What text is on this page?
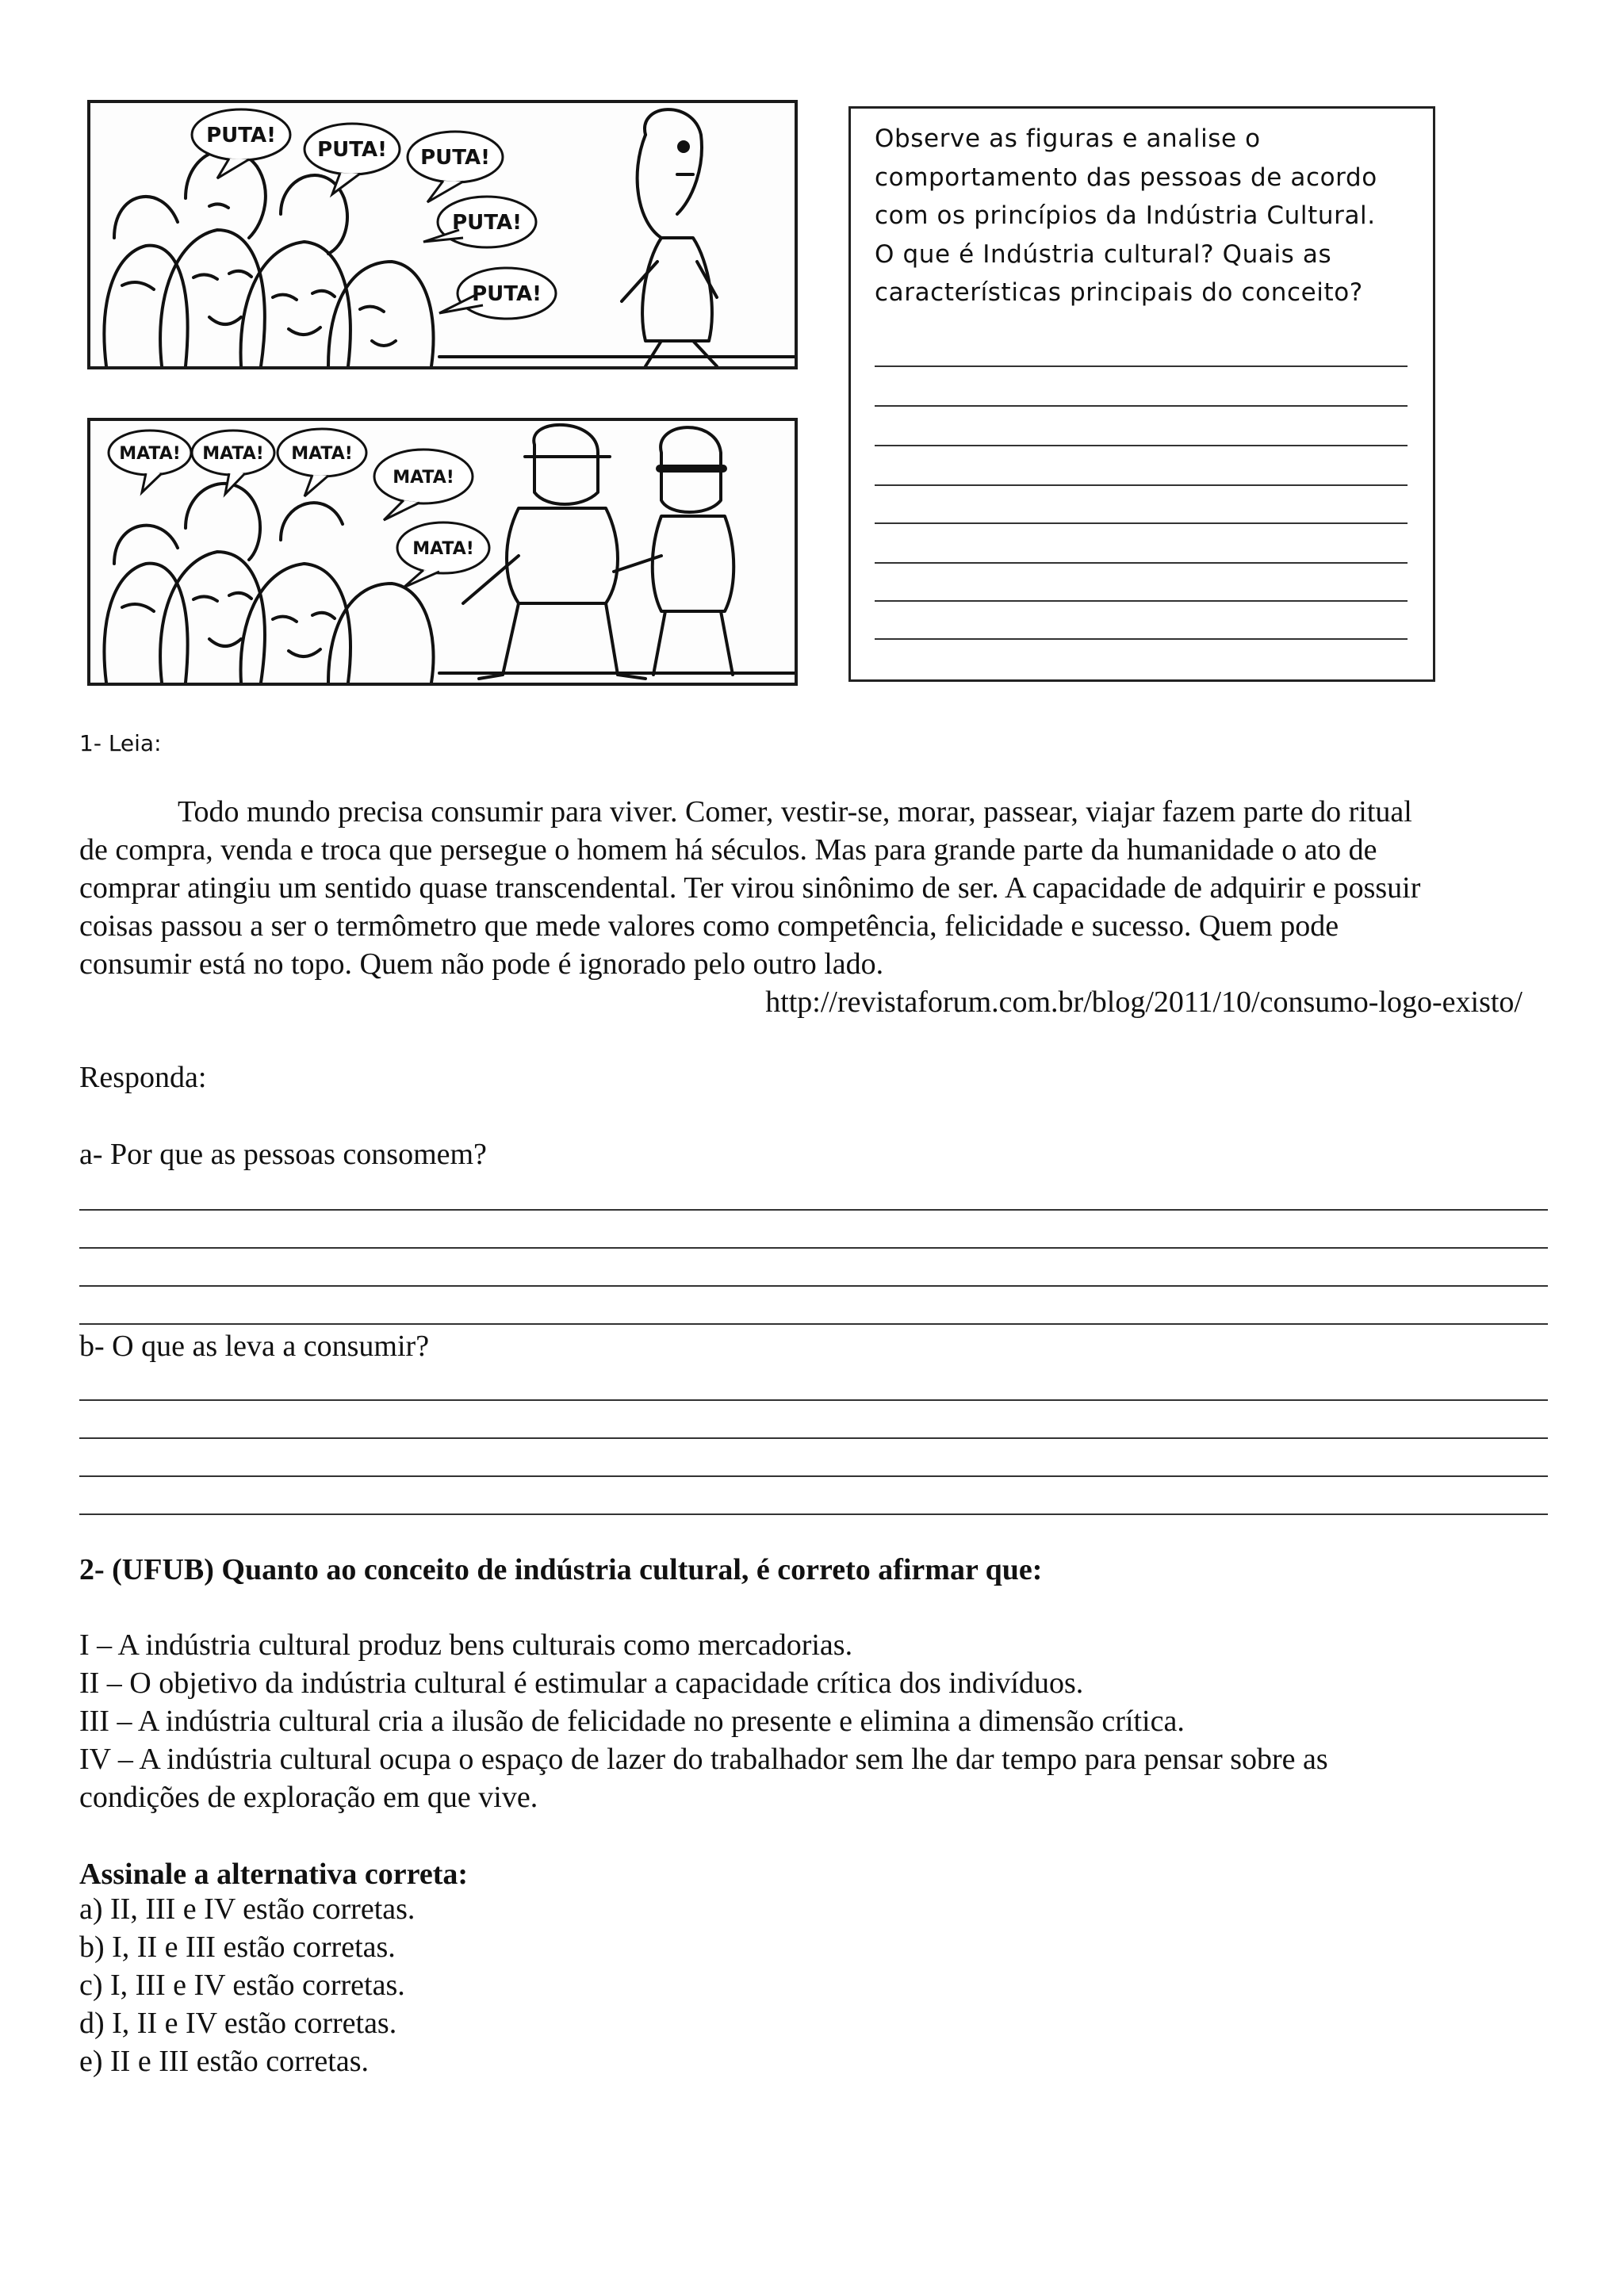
PUTA!
PUTA! PUTA!
PUTA!
PUTA!
MATA! MATA! MATA!
MATA!
MATA!
Observe as figuras e analise o
comportamento das pessoas de acordo
com os princípios da Indústria Cultural.
O que é Indústria cultural? Quais as
características principais do conceito?
1- Leia:

Todo mundo precisa consumir para viver. Comer, vestir-se, morar, passear, viajar fazem parte do ritual

de compra, venda e troca que persegue o homem há séculos. Mas para grande parte da humanidade o ato de

comprar atingiu um sentido quase transcendental. Ter virou sinônimo de ser. A capacidade de adquirir e possuir

coisas passou a ser o termômetro que mede valores como competência, felicidade e sucesso. Quem pode

consumir está no topo. Quem não pode é ignorado pelo outro lado.

http://revistaforum.com.br/blog/2011/10/consumo-logo-existo/
Responda:
a- Por que as pessoas consomem?
b- O que as leva a consumir?
2- (UFUB) Quanto ao conceito de indústria cultural, é correto afirmar que:
I – A indústria cultural produz bens culturais como mercadorias.
II – O objetivo da indústria cultural é estimular a capacidade crítica dos indivíduos.
III – A indústria cultural cria a ilusão de felicidade no presente e elimina a dimensão crítica.
IV – A indústria cultural ocupa o espaço de lazer do trabalhador sem lhe dar tempo para pensar sobre as
condições de exploração em que vive.
Assinale a alternativa correta:
a) II, III e IV estão corretas.
b) I, II e III estão corretas.
c) I, III e IV estão corretas.
d) I, II e IV estão corretas.
e) II e III estão corretas.
